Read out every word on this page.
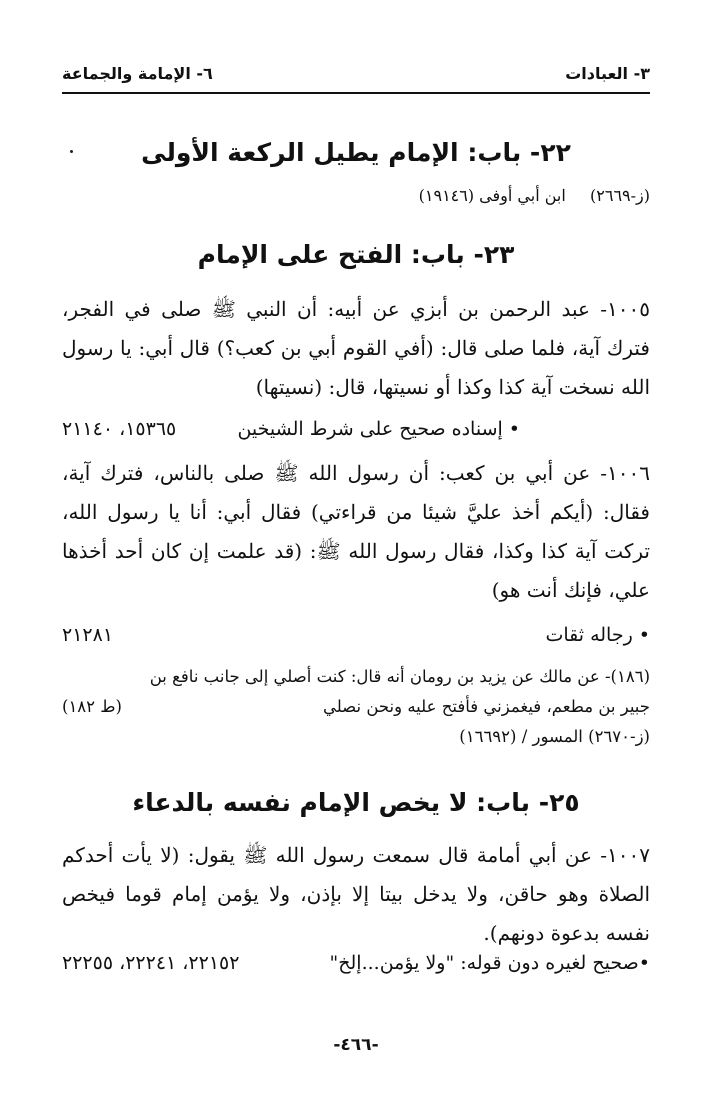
٣- العبادات
٦- الإمامة والجماعة
٢٢- باب: الإمام يطيل الركعة الأولى
(ز-٢٦٦٩)  ابن أبي أوفى (١٩١٤٦)
٢٣- باب: الفتح على الإمام
١٠٠٥- عبد الرحمن بن أبزي عن أبيه: أن النبي ﷺ صلى في الفجر، فترك آية، فلما صلى قال: (أفي القوم أبي بن كعب؟) قال أبي: يا رسول الله نسخت آية كذا وكذا أو نسيتها، قال: (نسيتها)
•إسناده صحيح على شرط الشيخين
١٥٣٦٥، ٢١١٤٠
١٠٠٦- عن أبي بن كعب: أن رسول الله ﷺ صلى بالناس، فترك آية، فقال: (أيكم أخذ عليَّ شيئا من قراءتي) فقال أبي: أنا يا رسول الله، تركت آية كذا وكذا، فقال رسول الله ﷺ: (قد علمت إن كان أحد أخذها علي، فإنك أنت هو)
•رجاله ثقات
٢١٢٨١
(١٨٦)- عن مالك عن يزيد بن رومان أنه قال: كنت أصلي إلى جانب نافع بن
جبير بن مطعم، فيغمزني فأفتح عليه ونحن نصلي
(ط ١٨٢)
(ز-٢٦٧٠) المسور / (١٦٦٩٢)
٢٥- باب: لا يخص الإمام نفسه بالدعاء
١٠٠٧- عن أبي أمامة قال سمعت رسول الله ﷺ يقول: (لا يأت أحدكم الصلاة وهو حاقن، ولا يدخل بيتا إلا بإذن، ولا يؤمن إمام قوما فيخص نفسه بدعوة دونهم).
•صحيح لغيره دون قوله: "ولا يؤمن...إلخ"
٢٢١٥٢، ٢٢٢٤١، ٢٢٢٥٥
-٤٦٦-
